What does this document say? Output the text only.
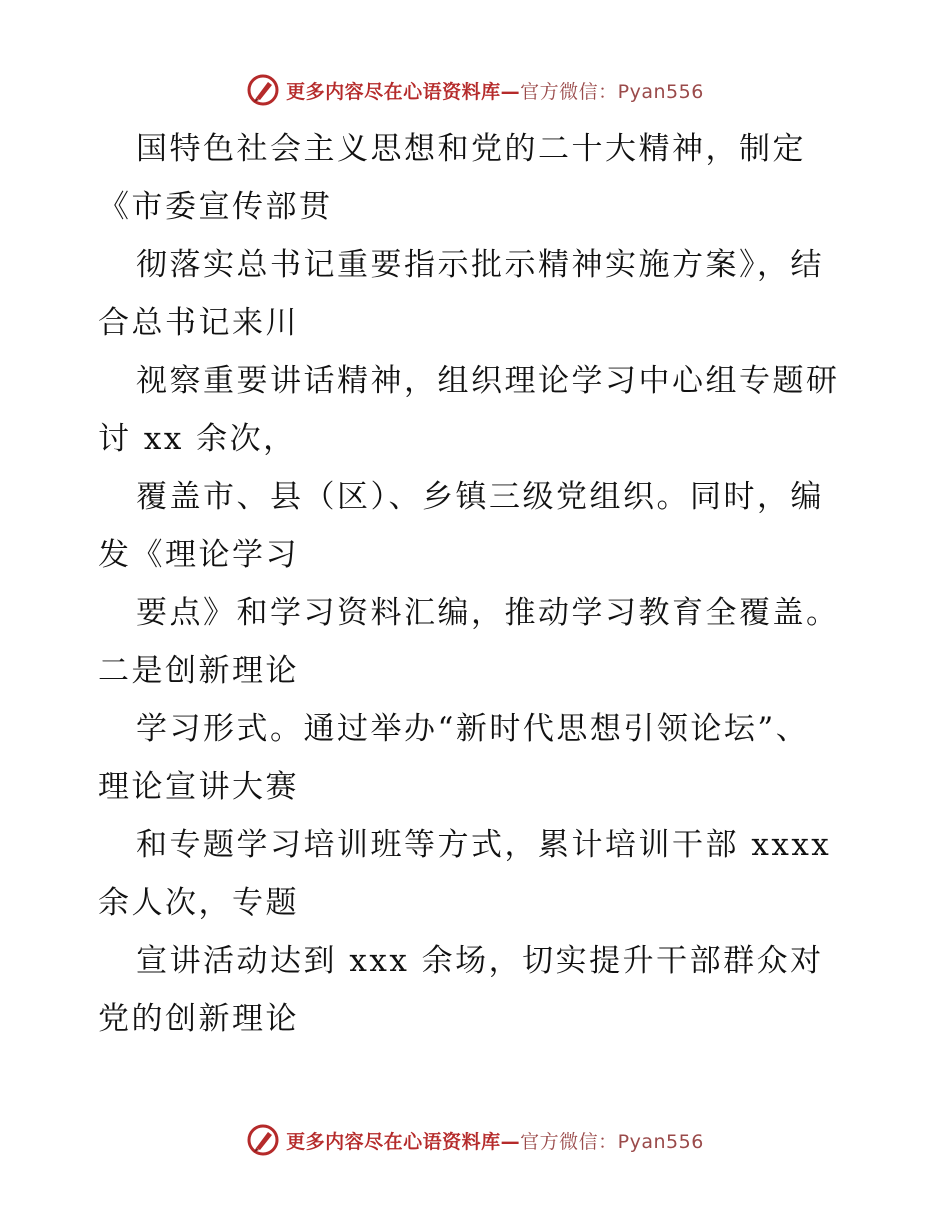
更多内容尽在心语资料库—官方微信：Pyan556

国特色社会主义思想和党的二十大精神，制定
《市委宣传部贯

彻落实总书记重要指示批示精神实施方案》，结
合总书记来川

视察重要讲话精神，组织理论学习中心组专题研
讨 xx 余次，

覆盖市、县（区）、乡镇三级党组织。同时，编
发《理论学习

要点》和学习资料汇编，推动学习教育全覆盖。
二是创新理论

学习形式。通过举办“新时代思想引领论坛”、
理论宣讲大赛

和专题学习培训班等方式，累计培训干部 xxxx
余人次，专题

宣讲活动达到 xxx 余场，切实提升干部群众对
党的创新理论

更多内容尽在心语资料库—官方微信：Pyan556
